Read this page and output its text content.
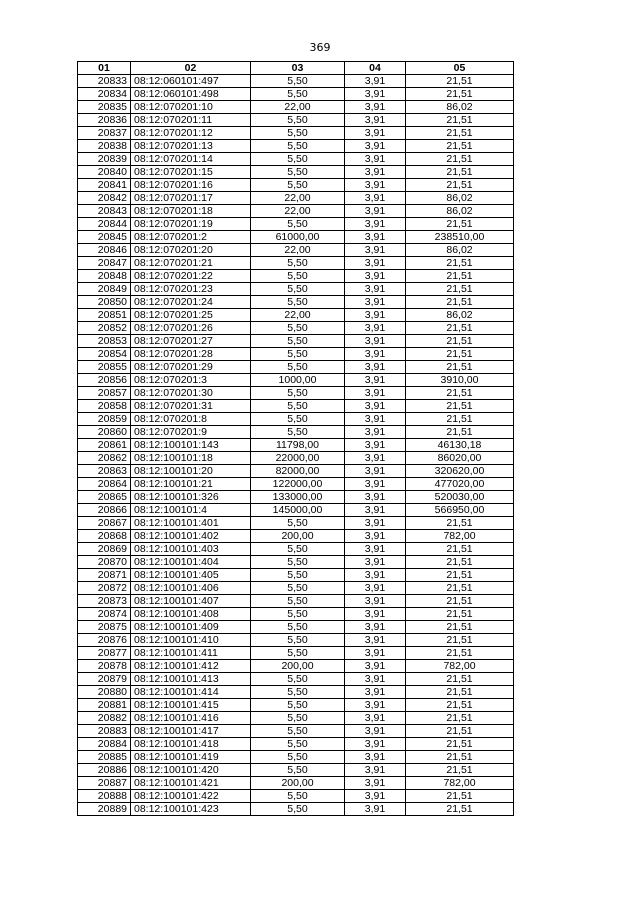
369
01	02	03	04	05
20833	08:12:060101:497	5,50	3,91	21,51
20834	08:12:060101:498	5,50	3,91	21,51
20835	08:12:070201:10	22,00	3,91	86,02
20836	08:12:070201:11	5,50	3,91	21,51
20837	08:12:070201:12	5,50	3,91	21,51
20838	08:12:070201:13	5,50	3,91	21,51
20839	08:12:070201:14	5,50	3,91	21,51
20840	08:12:070201:15	5,50	3,91	21,51
20841	08:12:070201:16	5,50	3,91	21,51
20842	08:12:070201:17	22,00	3,91	86,02
20843	08:12:070201:18	22,00	3,91	86,02
20844	08:12:070201:19	5,50	3,91	21,51
20845	08:12:070201:2	61000,00	3,91	238510,00
20846	08:12:070201:20	22,00	3,91	86,02
20847	08:12:070201:21	5,50	3,91	21,51
20848	08:12:070201:22	5,50	3,91	21,51
20849	08:12:070201:23	5,50	3,91	21,51
20850	08:12:070201:24	5,50	3,91	21,51
20851	08:12:070201:25	22,00	3,91	86,02
20852	08:12:070201:26	5,50	3,91	21,51
20853	08:12:070201:27	5,50	3,91	21,51
20854	08:12:070201:28	5,50	3,91	21,51
20855	08:12:070201:29	5,50	3,91	21,51
20856	08:12:070201:3	1000,00	3,91	3910,00
20857	08:12:070201:30	5,50	3,91	21,51
20858	08:12:070201:31	5,50	3,91	21,51
20859	08:12:070201:8	5,50	3,91	21,51
20860	08:12:070201:9	5,50	3,91	21,51
20861	08:12:100101:143	11798,00	3,91	46130,18
20862	08:12:100101:18	22000,00	3,91	86020,00
20863	08:12:100101:20	82000,00	3,91	320620,00
20864	08:12:100101:21	122000,00	3,91	477020,00
20865	08:12:100101:326	133000,00	3,91	520030,00
20866	08:12:100101:4	145000,00	3,91	566950,00
20867	08:12:100101:401	5,50	3,91	21,51
20868	08:12:100101:402	200,00	3,91	782,00
20869	08:12:100101:403	5,50	3,91	21,51
20870	08:12:100101:404	5,50	3,91	21,51
20871	08:12:100101:405	5,50	3,91	21,51
20872	08:12:100101:406	5,50	3,91	21,51
20873	08:12:100101:407	5,50	3,91	21,51
20874	08:12:100101:408	5,50	3,91	21,51
20875	08:12:100101:409	5,50	3,91	21,51
20876	08:12:100101:410	5,50	3,91	21,51
20877	08:12:100101:411	5,50	3,91	21,51
20878	08:12:100101:412	200,00	3,91	782,00
20879	08:12:100101:413	5,50	3,91	21,51
20880	08:12:100101:414	5,50	3,91	21,51
20881	08:12:100101:415	5,50	3,91	21,51
20882	08:12:100101:416	5,50	3,91	21,51
20883	08:12:100101:417	5,50	3,91	21,51
20884	08:12:100101:418	5,50	3,91	21,51
20885	08:12:100101:419	5,50	3,91	21,51
20886	08:12:100101:420	5,50	3,91	21,51
20887	08:12:100101:421	200,00	3,91	782,00
20888	08:12:100101:422	5,50	3,91	21,51
20889	08:12:100101:423	5,50	3,91	21,51
